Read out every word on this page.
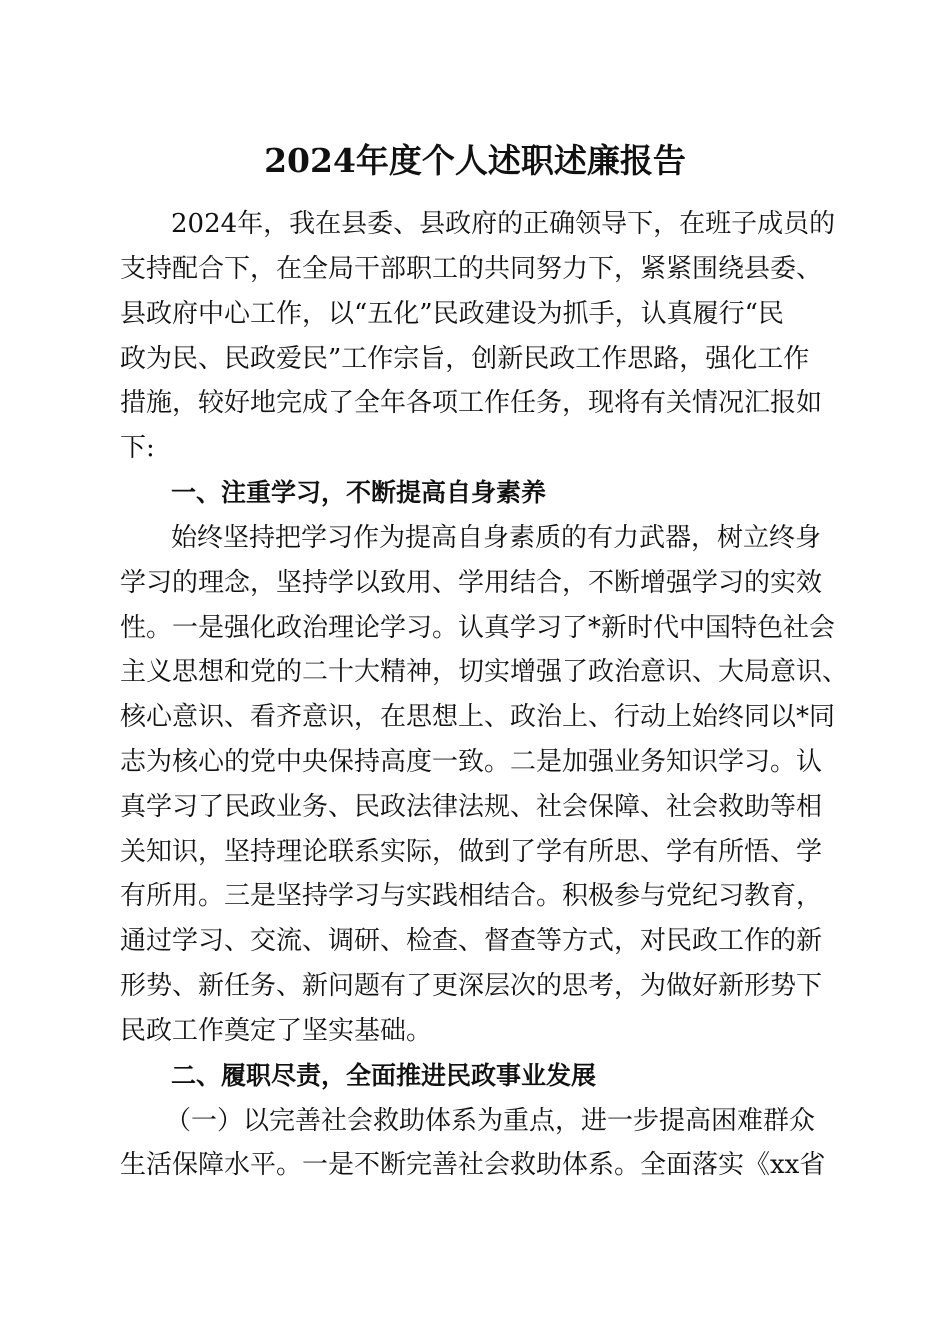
2024年度个人述职述廉报告
2024年，我在县委、县政府的正确领导下，在班子成员的
支持配合下，在全局干部职工的共同努力下，紧紧围绕县委、
县政府中心工作，以“五化”民政建设为抓手，认真履行“民
政为民、民政爱民”工作宗旨，创新民政工作思路，强化工作
措施，较好地完成了全年各项工作任务，现将有关情况汇报如
下:
一、注重学习，不断提高自身素养
始终坚持把学习作为提高自身素质的有力武器，树立终身
学习的理念，坚持学以致用、学用结合，不断增强学习的实效
性。一是强化政治理论学习。认真学习了*新时代中国特色社会
主义思想和党的二十大精神，切实增强了政治意识、大局意识、
核心意识、看齐意识，在思想上、政治上、行动上始终同以*同
志为核心的党中央保持高度一致。二是加强业务知识学习。认
真学习了民政业务、民政法律法规、社会保障、社会救助等相
关知识，坚持理论联系实际，做到了学有所思、学有所悟、学
有所用。三是坚持学习与实践相结合。积极参与党纪习教育，
通过学习、交流、调研、检查、督查等方式，对民政工作的新
形势、新任务、新问题有了更深层次的思考，为做好新形势下
民政工作奠定了坚实基础。
二、履职尽责，全面推进民政事业发展
（一）以完善社会救助体系为重点，进一步提高困难群众
生活保障水平。一是不断完善社会救助体系。全面落实《xx省
